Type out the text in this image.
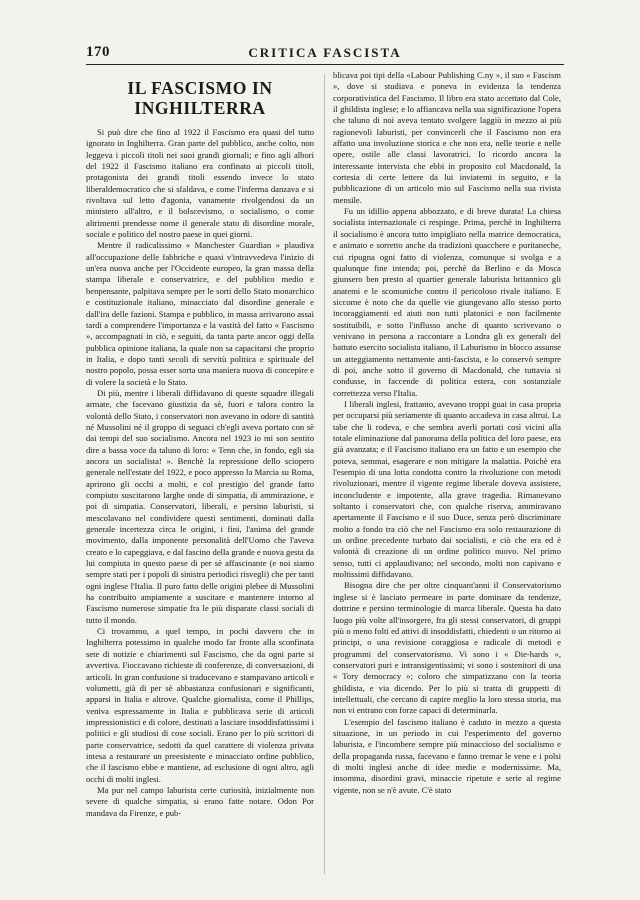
170	CRITICA FASCISTA
IL FASCISMO IN INGHILTERRA

Si può dire che fino al 1922 il Fascismo era quasi del tutto ignorato in Inghilterra. Gran parte del pubblico, anche colto, non leggeva i piccoli titoli nei suoi grandi giornali; e fino agli albori del 1922 il Fascismo italiano era confinato ai piccoli titoli, protagonista dei grandi titoli essendo invece lo stato liberaldemocratico che si sfaldava, e come l'inferma danzava e si rivoltava sul letto d'agonia, vanamente rivolgendosi da un ministero all'altro, e il bolscevismo, o socialismo, o come altrimenti prendesse nome il generale stato di disordine morale, sociale e politico del nostro paese in quei giorni.

Mentre il radicalissimo « Manchester Guardian » plaudiva all'occupazione delle fabbriche e quasi v'intravvedeva l'inizio di un'era nuova anche per l'Occidente europeo, la gran massa della stampa liberale e conservatrice, e del pubblico medio e benpensante, palpitava sempre per le sorti dello Stato monarchico e costituzionale italiano, minacciato dal disordine generale e dall'ira delle fazioni. Stampa e pubblico, in massa arrivarono assai tardi a comprendere l'importanza e la vastità del fatto « Fascismo », accompagnati in ciò, e seguiti, da tanta parte ancor oggi della pubblica opinione italiana, la quale non sa capacitarsi che proprio in Italia, e dopo tanti secoli di servitù politica e spirituale del nostro popolo, possa esser sorta una maniera nuova di concepire e di volere la società e lo Stato.

Di più, mentre i liberali diffidavano di queste squadre illegali armate, che facevano giustizia da sè, fuori e talora contro la volontà dello Stato, i conservatori non avevano in odore di santità né Mussolini né il gruppo di seguaci ch'egli aveva portato con sè dai tempi del suo socialismo. Ancora nel 1923 io mi son sentito dire a bassa voce da taluno di loro: « Tenn che, in fondo, egli sia ancora un socialista! ». Benchè la repressione dello sciopero generale nell'estate del 1922, e poco appresso la Marcia su Roma, aprirono gli occhi a molti, e col prestigio del grande fatto compiuto suscitarono larghe onde di simpatia, di ammirazione, e poi di simpatia. Conservatori, liberali, e persino laburisti, si mescolavano nel condividere questi sentimenti, dominati dalla generale incertezza circa le origini, i fini, l'anima del grande movimento, dalla imponente personalità dell'Uomo che l'aveva creato e lo capeggiava, e dal fascino della grande e nuova gesta da lui compiuta in questo paese di per sè affascinante (e noi siamo sempre stati per i popoli di sinistra periodici risvegli) che per tanti ogni inglese l'Italia. Il puro fatto delle origini plebee di Mussolini ha contribuito ampiamente a suscitare e mantenere intorno al Fascismo numerose simpatie fra le più disparate classi sociali di tutto il mondo.

Ci trovammo, a quel tempo, in pochi davvero che in Inghilterra potessimo in qualche modo far fronte alla sconfinata sete di notizie e chiarimenti sul Fascismo, che da ogni parte si avvertiva. Fioccavano richieste di conferenze, di conversazioni, di articoli. In gran confusione si traducevano e stampavano articoli e volumetti, già di per sè abbastanza confusionari e significanti, apparsi in Italia e altrove. Qualche giornalista, come il Phillips, veniva espressamente in Italia e pubblicava serie di articoli impressionistici e di colore, destinati a lasciare insoddisfattissimi i politici e gli studiosi di cose sociali. Erano per lo più scrittori di parte conservatrice, sedotti da quel carattere di violenza privata intesa a restaurare un preesistente e minacciato ordine pubblico, che il fascismo ebbe e mantiene, ad esclusione di ogni altro, agli occhi di molti inglesi.

Ma pur nel campo laburista certe curiosità, inizialmente non severe di qualche simpatia, si erano fatte notare. Odon Por mandava da Firenze, e pub-

blicava poi tipi della «Labour Publishing C.ny », il suo « Fascism », dove si studiava e poneva in evidenza la tendenza corporativistica del Fascismo. Il libro era stato accettato dal Cole, il ghildista inglese; e lo affiancava nella sua significazione l'opera che taluno di noi aveva tentato svolgere laggiù in mezzo ai più ragionevoli laburisti, per convincerli che il Fascismo non era affatto una involuzione storica e che non era, nelle teorie e nelle opere, ostile alle classi lavoratrici. Io ricordo ancora la interessante intervista che ebbi in proposito col Macdonald, la cortesia di certe lettere da lui inviatemi in seguito, e la pubblicazione di un articolo mio sul Fascismo nella sua rivista mensile.

Fu un idillio appena abbozzato, e di breve durata! La chiesa socialista internazionale ci respinge. Prima, perchè in Inghilterra il socialismo è ancora tutto impigliato nella matrice democratica, e animato e sorretto anche da tradizioni quacchere e puritaneche, cui ripugna ogni fatto di violenza, comunque si svolga e a qualunque fine intenda; poi, perchè da Berlino e da Mosca giunsero ben presto al quartier generale laburista britannico gli anatemi e le scomuniche contro il pericoloso rivale italiano. E siccome è noto che da quelle vie giungevano allo stesso porto incoraggiamenti ed aiuti non tutti platonici e non facilmente sostituibili, e sotto l'influsso anche di quanto scrivevano o venivano in persona a raccontare a Londra gli ex generali del battuto esercito socialista italiano, il Laburismo in blocco assunse un atteggiamento nettamente anti-fascista, e lo conservò sempre di poi, anche sotto il governo di Macdonald, che tuttavia si condusse, in faccende di politica estera, con sostanziale correttezza verso l'Italia.

I liberali inglesi, frattanto, avevano troppi guai in casa propria per occuparsi più seriamente di quanto accadeva in casa altrui. La tabe che li rodeva, e che sembra averli portati così vicini alla totale eliminazione dal panorama della politica del loro paese, era già avanzata; e il Fascismo italiano era un fatto e un esempio che poteva, semmai, esagerare e non mitigare la malattia. Poichè era l'esempio di una lotta condotta contro la rivoluzione con metodi rivoluzionari, mentre il vigente regime liberale doveva assistere, inconcludente e impotente, alla grave tragedia. Rimanevano soltanto i conservatori che, con qualche riserva, ammiravano apertamente il Fascismo e il suo Duce, senza però discriminare molto a fondo tra ciò che nel Fascismo era solo restaurazione di un ordine precedente turbato dai socialisti, e ciò che era ed è volontà di creazione di un ordine politico nuovo. Nel primo senso, tutti ci applaudivano; nel secondo, molti non capivano e moltissimi diffidavano.

Bisogna dire che per oltre cinquant'anni il Conservatorismo inglese si è lasciato permeare in parte dominare da tendenze, dottrine e persino terminologie di marca liberale. Questa ha dato luogo più volte all'insorgere, fra gli stessi conservatori, di gruppi più o meno folti ed attivi di insoddisfatti, chiedenti o un ritorno ai principi, o una revisione coraggiosa e radicale di metodi e programmi del conservatorismo. Vi sono i « Die-hards », conservatori puri e intransigentissimi; vi sono i sostenitori di una « Tory democracy »; coloro che simpatizzano con la teoria ghildista, e via dicendo. Per lo più si tratta di gruppetti di intellettuali, che cercano di capire meglio la loro stessa storia, ma non vi entrano con forze capaci di determinarla.

L'esempio del fascismo italiano è caduto in mezzo a questa situazione, in un periodo in cui l'esperimento del governo laburista, e l'incombere sempre più minaccioso del socialismo e della propaganda russa, facevano e fanno tremar le vene e i polsi di molti inglesi anche di idee medie e modernissime. Ma, insomma, disordini gravi, minaccie ripetute e serie al regime vigente, non se n'è avute. C'è stato
